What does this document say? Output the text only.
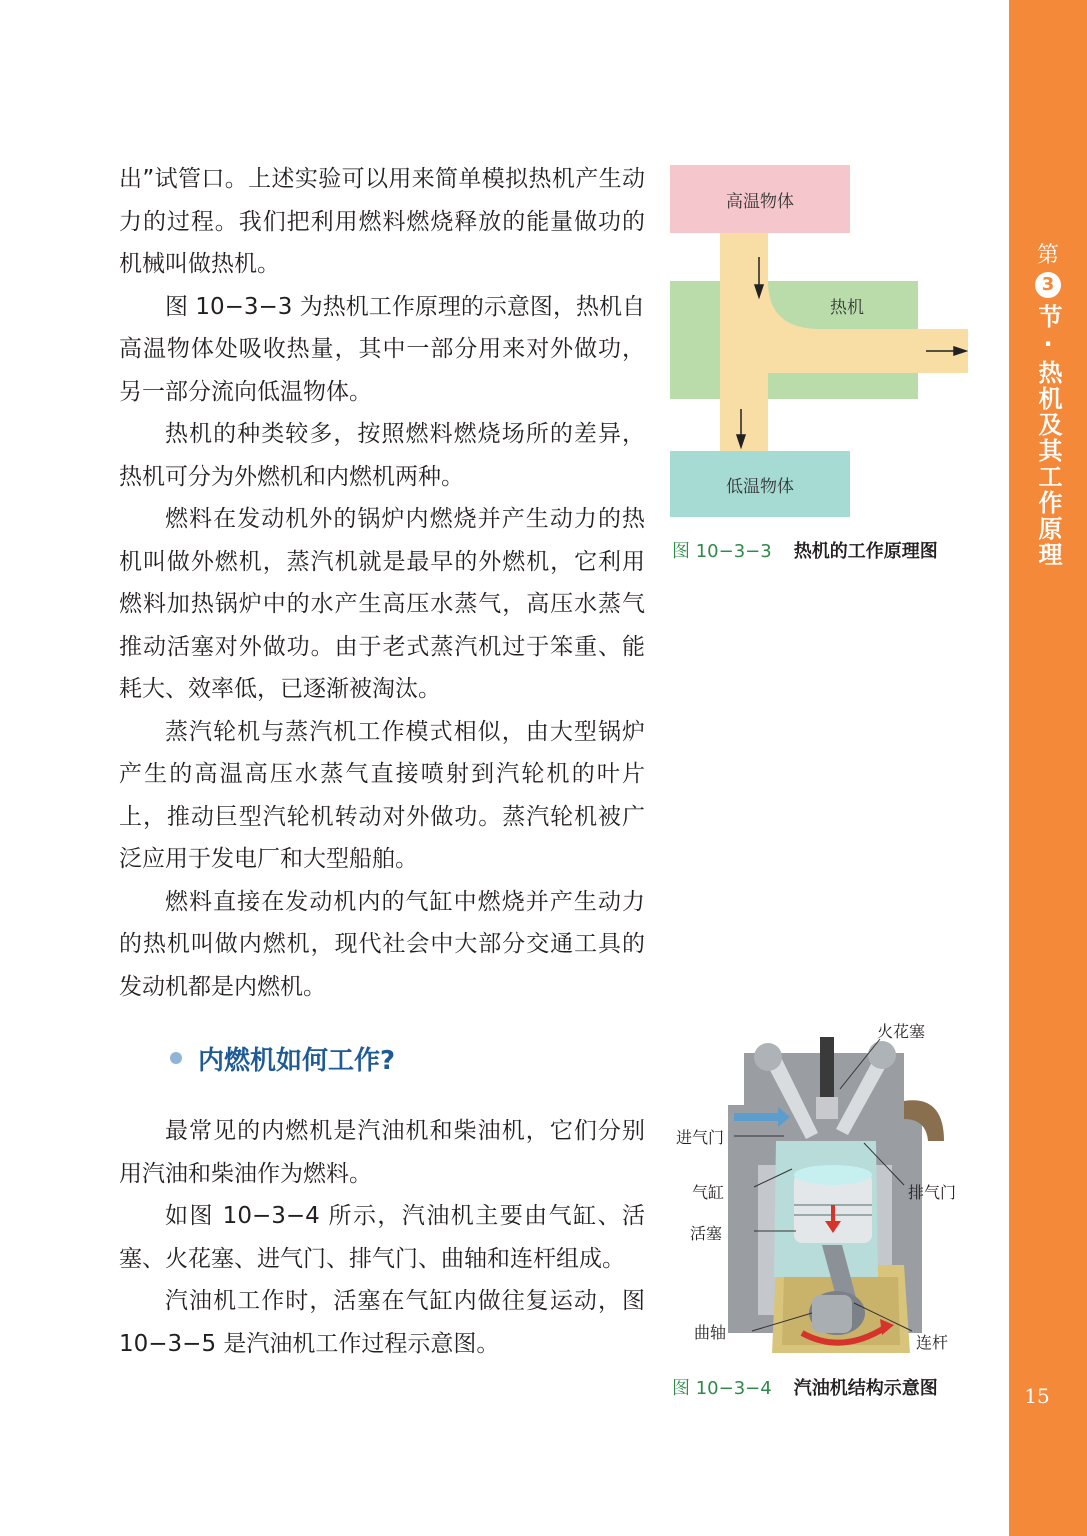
第
3
节·热机及其工作原理
15

出”试管口。上述实验可以用来简单模拟热机产生动力的过程。我们把利用燃料燃烧释放的能量做功的机械叫做热机。

图 10−3−3 为热机工作原理的示意图，热机自高温物体处吸收热量，其中一部分用来对外做功，另一部分流向低温物体。

热机的种类较多，按照燃料燃烧场所的差异，热机可分为外燃机和内燃机两种。

燃料在发动机外的锅炉内燃烧并产生动力的热机叫做外燃机，蒸汽机就是最早的外燃机，它利用燃料加热锅炉中的水产生高压水蒸气，高压水蒸气推动活塞对外做功。由于老式蒸汽机过于笨重、能耗大、效率低，已逐渐被淘汰。

蒸汽轮机与蒸汽机工作模式相似，由大型锅炉产生的高温高压水蒸气直接喷射到汽轮机的叶片上，推动巨型汽轮机转动对外做功。蒸汽轮机被广泛应用于发电厂和大型船舶。

燃料直接在发动机内的气缸中燃烧并产生动力的热机叫做内燃机，现代社会中大部分交通工具的发动机都是内燃机。

内燃机如何工作?

最常见的内燃机是汽油机和柴油机，它们分别用汽油和柴油作为燃料。

如图 10−3−4 所示，汽油机主要由气缸、活塞、火花塞、进气门、排气门、曲轴和连杆组成。

汽油机工作时，活塞在气缸内做往复运动，图 10−3−5 是汽油机工作过程示意图。

高温物体
低温物体
热机
图 10−3−3 热机的工作原理图
火花塞
进气门
气缸	排气门
活塞
曲轴
连杆
图 10−3−4 汽油机结构示意图
